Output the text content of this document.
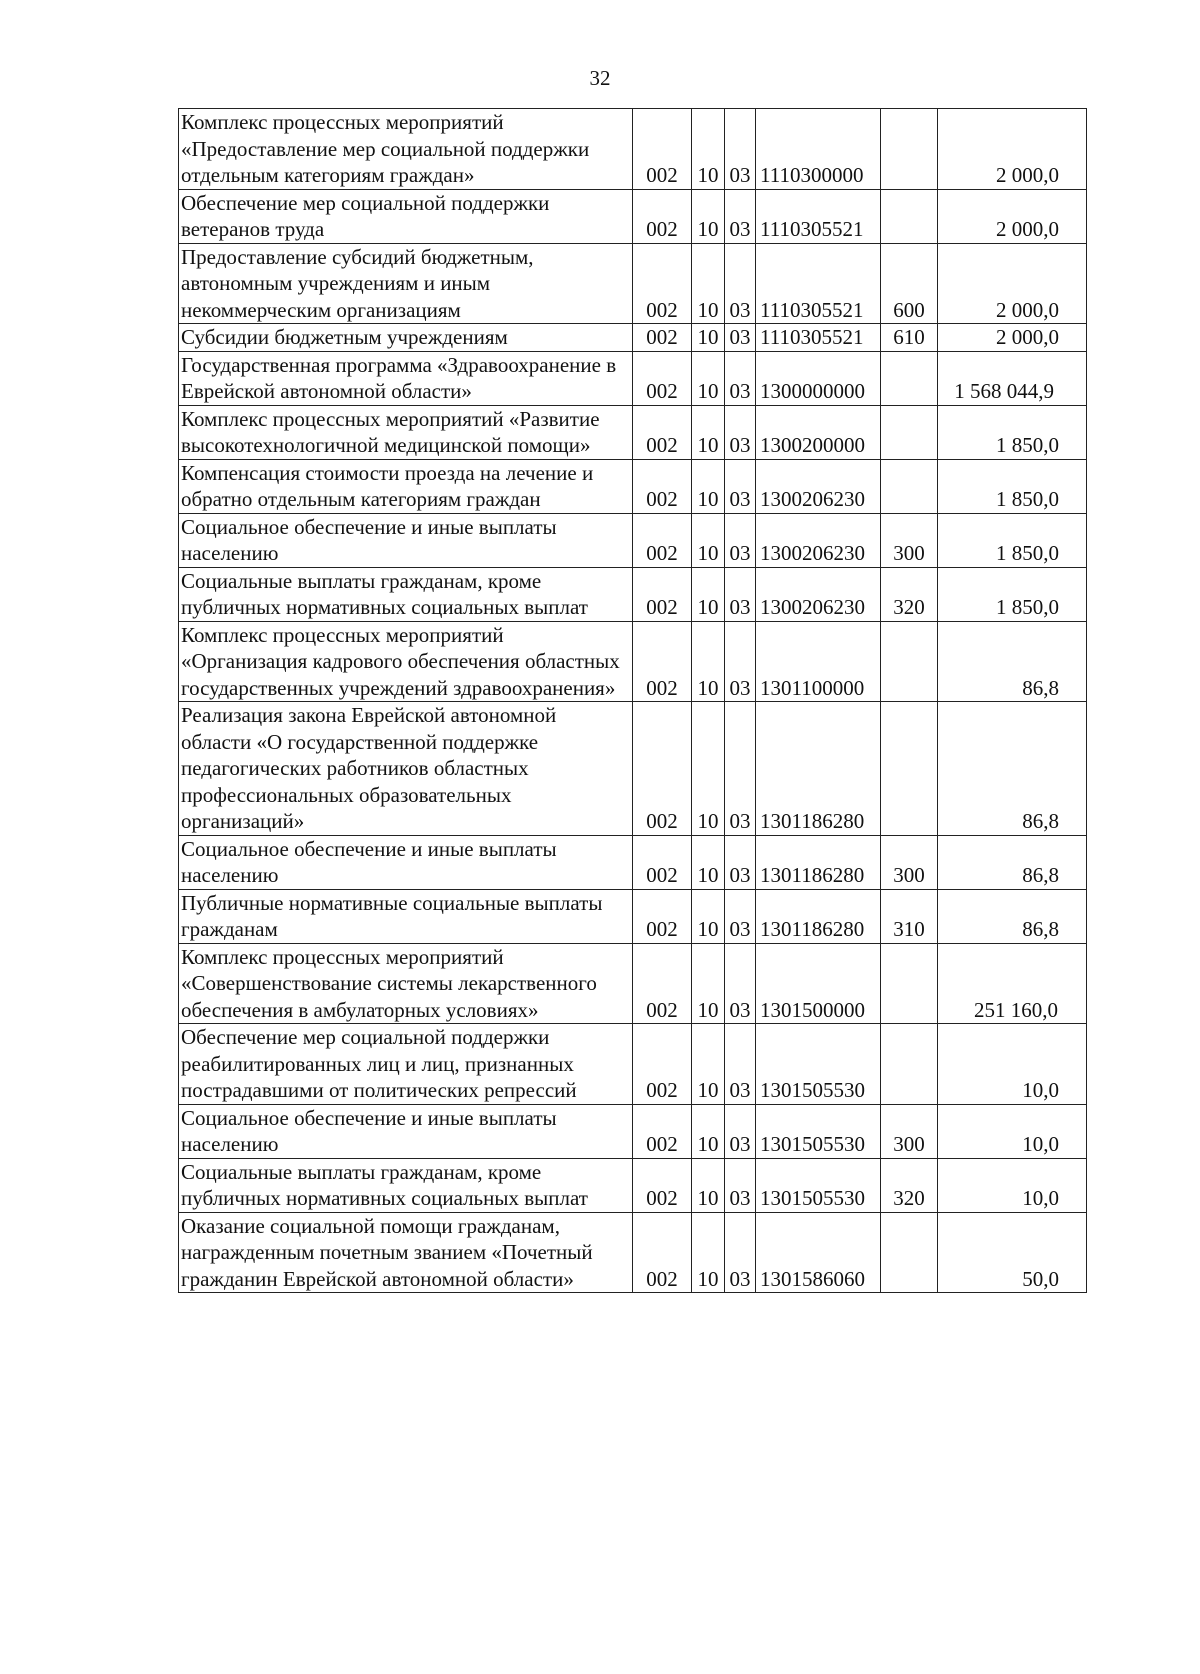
32
Комплекс процессных мероприятий «Предоставление мер социальной поддержки отдельным категориям граждан»	002	10	03	1110300000		2 000,0
Обеспечение мер социальной поддержки ветеранов труда	002	10	03	1110305521		2 000,0
Предоставление субсидий бюджетным, автономным учреждениям и иным некоммерческим организациям	002	10	03	1110305521	600	2 000,0
Субсидии бюджетным учреждениям	002	10	03	1110305521	610	2 000,0
Государственная программа «Здравоохранение в Еврейской автономной области»	002	10	03	1300000000		1 568 044,9
Комплекс процессных мероприятий «Развитие высокотехнологичной медицинской помощи»	002	10	03	1300200000		1 850,0
Компенсация стоимости проезда на лечение и обратно отдельным категориям граждан	002	10	03	1300206230		1 850,0
Социальное обеспечение и иные выплаты населению	002	10	03	1300206230	300	1 850,0
Социальные выплаты гражданам, кроме публичных нормативных социальных выплат	002	10	03	1300206230	320	1 850,0
Комплекс процессных мероприятий «Организация кадрового обеспечения областных государственных учреждений здравоохранения»	002	10	03	1301100000		86,8
Реализация закона Еврейской автономной области «О государственной поддержке педагогических работников областных профессиональных образовательных организаций»	002	10	03	1301186280		86,8
Социальное обеспечение и иные выплаты населению	002	10	03	1301186280	300	86,8
Публичные нормативные социальные выплаты гражданам	002	10	03	1301186280	310	86,8
Комплекс процессных мероприятий «Совершенствование системы лекарственного обеспечения в амбулаторных условиях»	002	10	03	1301500000		251 160,0
Обеспечение мер социальной поддержки реабилитированных лиц и лиц, признанных пострадавшими от политических репрессий	002	10	03	1301505530		10,0
Социальное обеспечение и иные выплаты населению	002	10	03	1301505530	300	10,0
Социальные выплаты гражданам, кроме публичных нормативных социальных выплат	002	10	03	1301505530	320	10,0
Оказание социальной помощи гражданам, награжденным почетным званием «Почетный гражданин Еврейской автономной области»	002	10	03	1301586060		50,0
